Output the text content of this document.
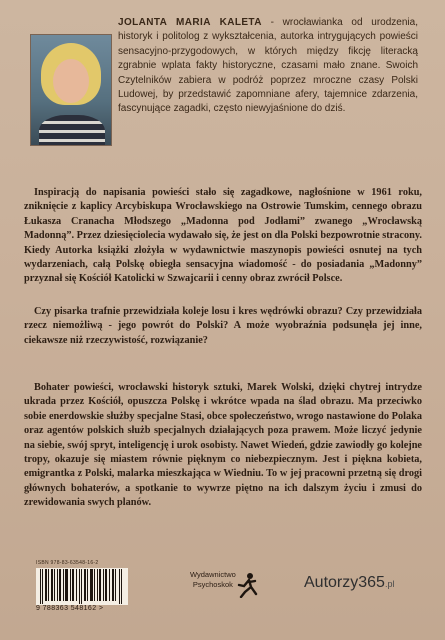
JOLANTA MARIA KALETA - wrocławianka od urodzenia, historyk i politolog z wykształcenia, autorka intrygujących powieści sensacyjno-przygodowych, w których między fikcję literacką zgrabnie wplata fakty historyczne, czasami mało znane. Swoich Czytelników zabiera w podróż poprzez mroczne czasy Polski Ludowej, by przedstawić zapomniane afery, tajemnice zdarzenia, fascynujące zagadki, często niewyjaśnione do dziś.

Inspiracją do napisania powieści stało się zagadkowe, nagłośnione w 1961 roku, zniknięcie z kaplicy Arcybiskupa Wrocławskiego na Ostrowie Tumskim, cennego obrazu Łukasza Cranacha Młodszego „Madonna pod Jodłami” zwanego „Wrocławską Madonną”. Przez dziesięciolecia wydawało się, że jest on dla Polski bezpowrotnie stracony. Kiedy Autorka książki złożyła w wydawnictwie maszynopis powieści osnutej na tych wydarzeniach, całą Polskę obiegła sensacyjna wiadomość - do posiadania „Madonny” przyznał się Kościół Katolicki w Szwajcarii i cenny obraz zwrócił Polsce.

Czy pisarka trafnie przewidziała koleje losu i kres wędrówki obrazu? Czy przewidziała rzecz niemożliwą - jego powrót do Polski? A może wyobraźnia podsunęła jej inne, ciekawsze niż rzeczywistość, rozwiązanie?

Bohater powieści, wrocławski historyk sztuki, Marek Wolski, dzięki chytrej intrydze ukrada przez Kościół, opuszcza Polskę i wkrótce wpada na ślad obrazu. Ma przeciwko sobie enerdowskie służby specjalne Stasi, obce społeczeństwo, wrogo nastawione do Polaka oraz agentów polskich służb specjalnych działających poza prawem. Może liczyć jedynie na siebie, swój spryt, inteligencję i urok osobisty. Nawet Wiedeń, gdzie zawiodły go kolejne tropy, okazuje się miastem równie pięknym co niebezpiecznym. Jest i piękna kobieta, emigrantka z Polski, malarka mieszkająca w Wiedniu. To w jej pracowni przetną się drogi głównych bohaterów, a spotkanie to wywrze piętno na ich dalszym życiu i zmusi do zrewidowania swych planów.

ISBN 978-83-63548-16-2
9 788363 548162 >
Wydawnictwo
Psychoskok	Autorzy365.pl
